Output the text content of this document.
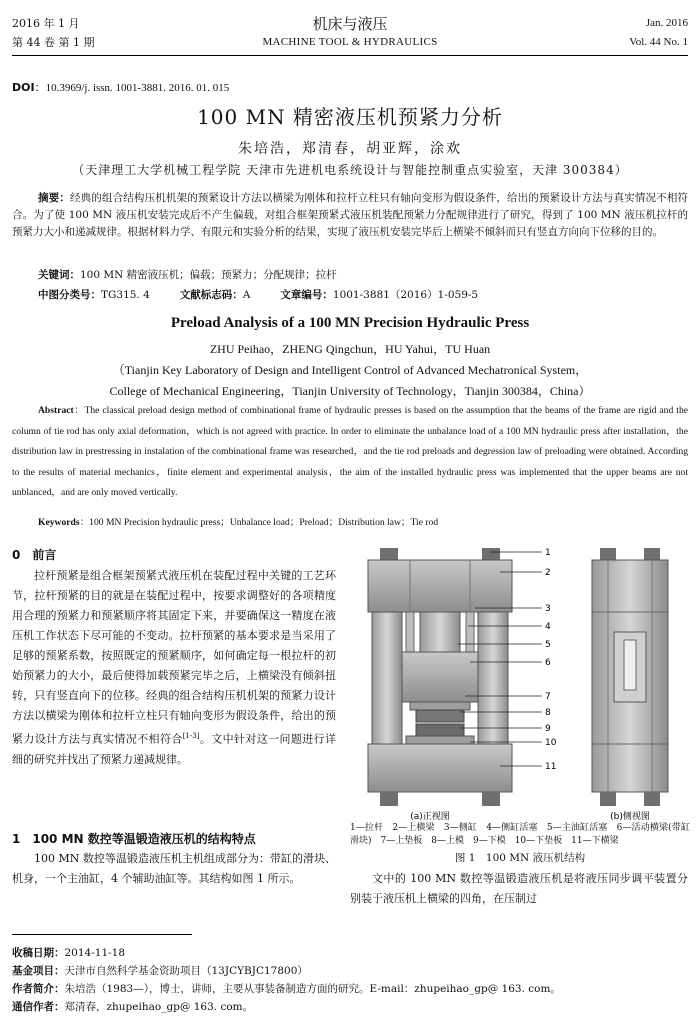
2016 年 1 月
第 44 卷 第 1 期
机床与液压
MACHINE TOOL & HYDRAULICS
Jan. 2016
Vol. 44 No. 1
DOI：10.3969/j. issn. 1001-3881. 2016. 01. 015
100 MN 精密液压机预紧力分析
朱培浩，郑清春，胡亚辉，涂欢
（天津理工大学机械工程学院 天津市先进机电系统设计与智能控制重点实验室，天津 300384）
摘要：经典的组合结构压机机架的预紧设计方法以横梁为刚体和拉杆立柱只有轴向变形为假设条件，给出的预紧设计方法与真实情况不相符合。为了使 100 MN 液压机安装完成后不产生偏载，对组合框架预紧式液压机装配预紧力分配规律进行了研究，得到了 100 MN 液压机拉杆的预紧力大小和递减规律。根据材料力学、有限元和实验分析的结果，实现了液压机安装完毕后上横梁不倾斜而只有竖直方向向下位移的目的。
关键词：100 MN 精密液压机；偏载；预紧力；分配规律；拉杆
中图分类号：TG315. 4	文献标志码：A	文章编号：1001-3881（2016）1-059-5
Preload Analysis of a 100 MN Precision Hydraulic Press
ZHU Peihao，ZHENG Qingchun，HU Yahui，TU Huan
（Tianjin Key Laboratory of Design and Intelligent Control of Advanced Mechatronical System，
College of Mechanical Engineering，Tianjin University of Technology，Tianjin 300384，China）
Abstract：The classical preload design method of combinational frame of hydraulic presses is based on the assumption that the beams of the frame are rigid and the column of tie rod has only axial deformation，which is not agreed with practice. In order to eliminate the unbalance load of a 100 MN hydraulic press after installation，the distribution law in prestressing in instalation of the combinational frame was researched，and the tie rod preloads and degression law of preloading were obtained. According to the results of material mechanics，finite element and experimental analysis，the aim of the installed hydraulic press was implemented that the upper beams are not unblanced，and are only moved vertically.
Keywords：100 MN Precision hydraulic press；Unbalance load；Preload；Distribution law；Tie rod
0　前言
拉杆预紧是组合框架预紧式液压机在装配过程中关键的工艺环节，拉杆预紧的目的就是在装配过程中，按要求调整好的各项精度用合理的预紧力和预紧顺序将其固定下来，并要确保这一精度在液压机工作状态下尽可能的不变动。拉杆预紧的基本要求是当采用了足够的预紧系数，按照既定的预紧顺序，如何确定每一根拉杆的初始预紧力的大小，最后使得加载预紧完毕之后，上横梁没有倾斜扭转，只有竖直向下的位移。经典的组合结构压机机架的预紧力设计方法以横梁为刚体和拉杆立柱只有轴向变形为假设条件，给出的预紧力设计方法与真实情况不相符合[1-3]。文中针对这一问题进行详细的研究并找出了预紧力递减规律。
1　100 MN 数控等温锻造液压机的结构特点
100 MN 数控等温锻造液压机主机组成部分为：带缸的滑块、机身，一个主油缸，4 个辅助油缸等。其结构如图 1 所示。
1
2
3
4
5
6
7
8
9
10
11
(a)正视图	(b)侧视图
1—拉杆　2—上横梁　3—侧缸　4—侧缸活塞　5—主油缸活塞　6—活动横梁(带缸滑块)　7—上垫板　8—上模　9—下模　10—下垫板　11—下横梁
图 1　100 MN 液压机结构
文中的 100 MN 数控等温锻造液压机是将液压同步调平装置分别装于液压机上横梁的四角，在压制过
收稿日期：2014-11-18
基金项目：天津市自然科学基金资助项目（13JCYBJC17800）
作者简介：朱培浩（1983—），博士，讲师，主要从事装备制造方面的研究。E-mail：zhupeihao_gp@ 163. com。
通信作者：郑清春，zhupeihao_gp@ 163. com。
